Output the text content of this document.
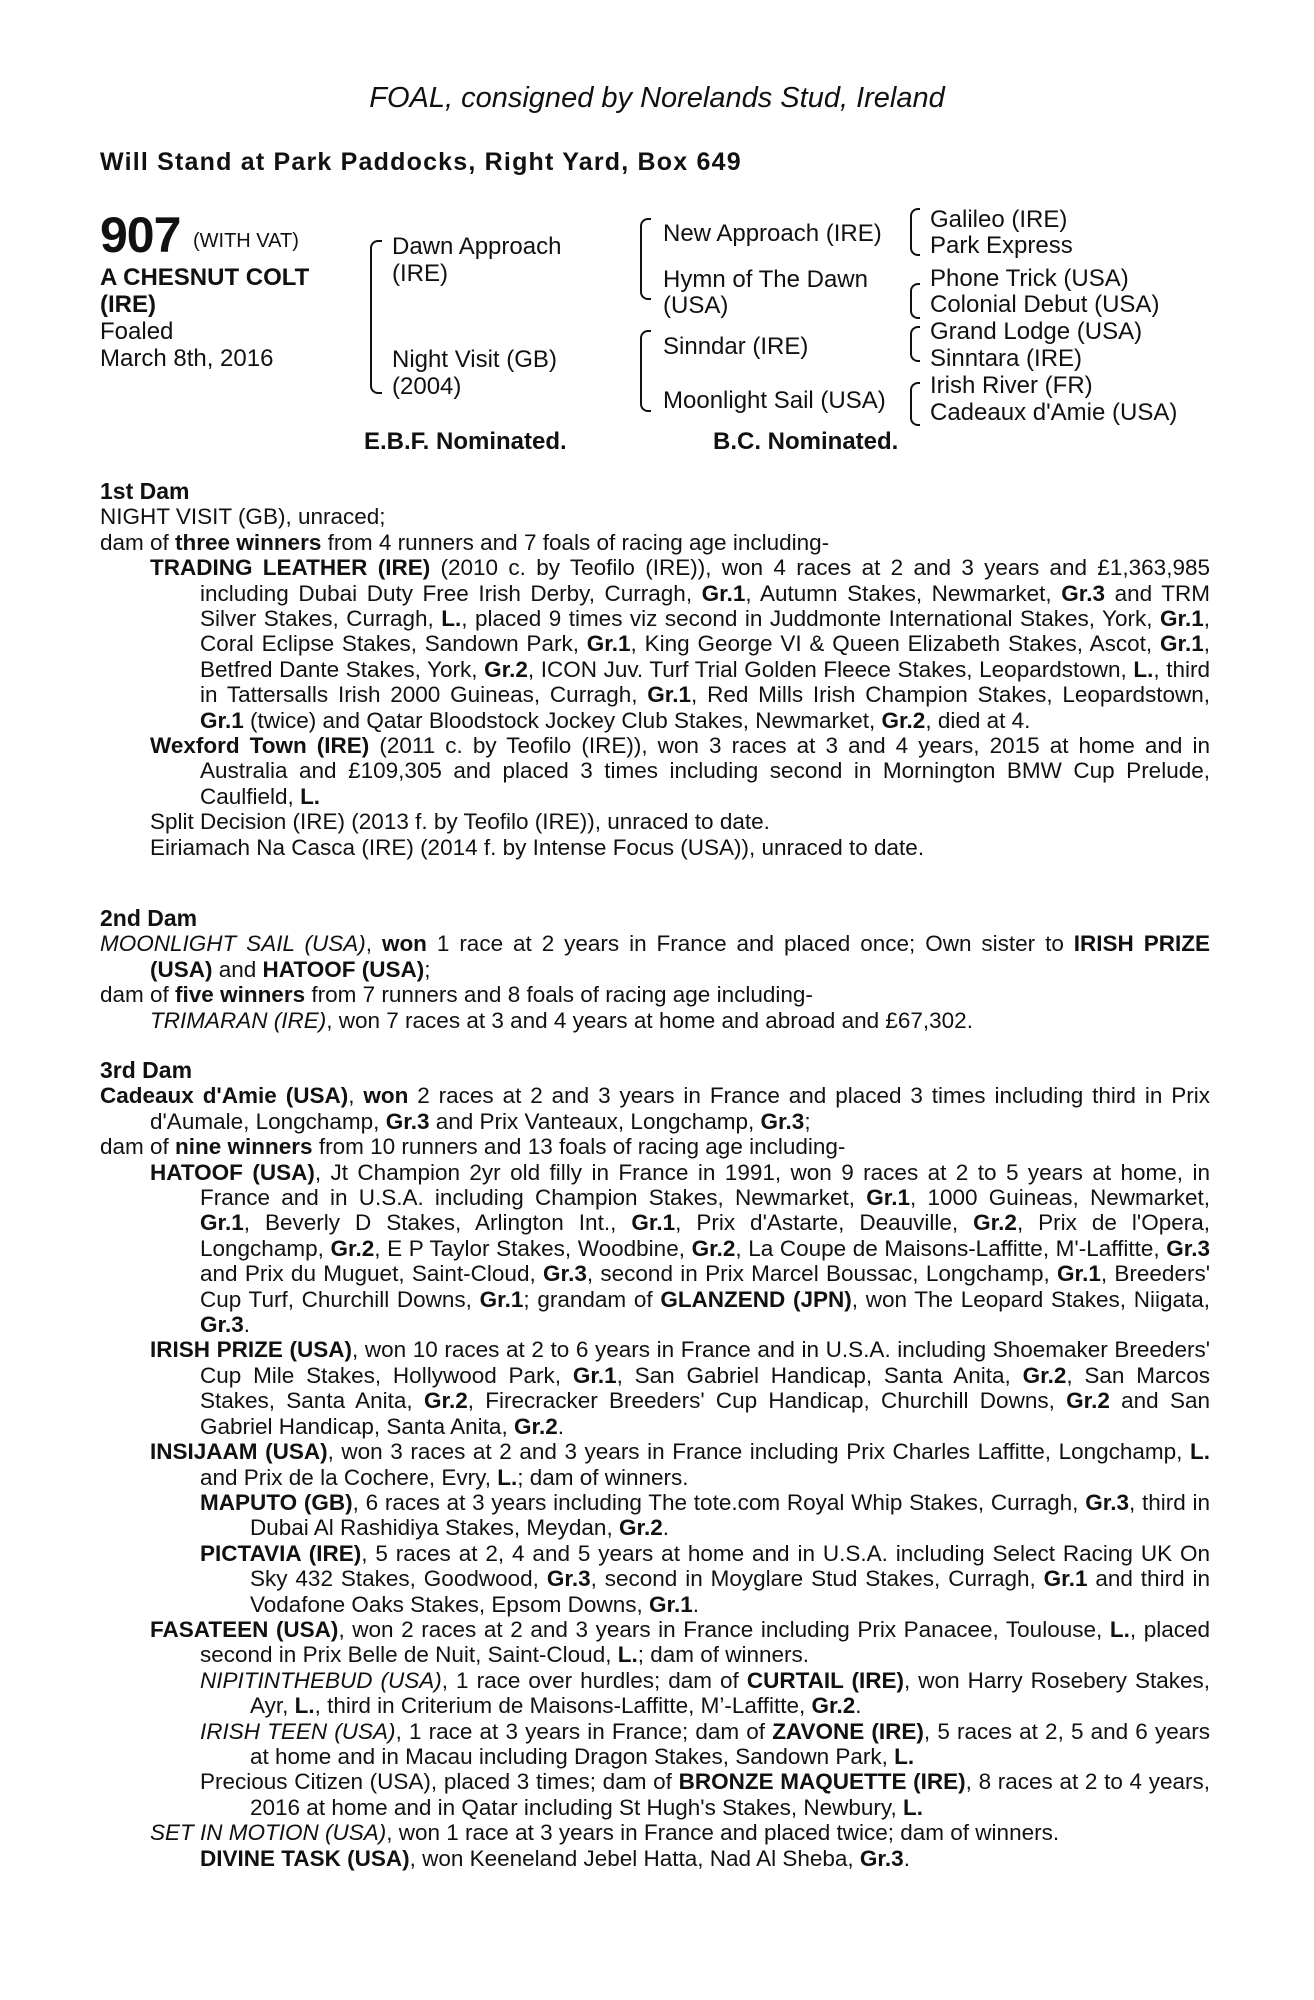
FOAL, consigned by Norelands Stud, Ireland
Will Stand at Park Paddocks, Right Yard, Box 649
907 (WITH VAT)
A CHESNUT COLT
(IRE)
Foaled
March 8th, 2016
Dawn Approach
(IRE)
Night Visit (GB)
(2004)
New Approach (IRE)
Hymn of The Dawn
(USA)
Sinndar (IRE)
Moonlight Sail (USA)
Galileo (IRE)
Park Express
Phone Trick (USA)
Colonial Debut (USA)
Grand Lodge (USA)
Sinntara (IRE)
Irish River (FR)
Cadeaux d'Amie (USA)
E.B.F. Nominated.	B.C. Nominated.

1st Dam

NIGHT VISIT (GB), unraced;

dam of three winners from 4 runners and 7 foals of racing age including-

TRADING LEATHER (IRE) (2010 c. by Teofilo (IRE)), won 4 races at 2 and 3 years and £1,363,985 including Dubai Duty Free Irish Derby, Curragh, Gr.1, Autumn Stakes, Newmarket, Gr.3 and TRM Silver Stakes, Curragh, L., placed 9 times viz second in Juddmonte International Stakes, York, Gr.1, Coral Eclipse Stakes, Sandown Park, Gr.1, King George VI & Queen Elizabeth Stakes, Ascot, Gr.1, Betfred Dante Stakes, York, Gr.2, ICON Juv. Turf Trial Golden Fleece Stakes, Leopardstown, L., third in Tattersalls Irish 2000 Guineas, Curragh, Gr.1, Red Mills Irish Champion Stakes, Leopardstown, Gr.1 (twice) and Qatar Bloodstock Jockey Club Stakes, Newmarket, Gr.2, died at 4.

Wexford Town (IRE) (2011 c. by Teofilo (IRE)), won 3 races at 3 and 4 years, 2015 at home and in Australia and £109,305 and placed 3 times including second in Mornington BMW Cup Prelude, Caulfield, L.

Split Decision (IRE) (2013 f. by Teofilo (IRE)), unraced to date.

Eiriamach Na Casca (IRE) (2014 f. by Intense Focus (USA)), unraced to date.

2nd Dam

MOONLIGHT SAIL (USA), won 1 race at 2 years in France and placed once; Own sister to IRISH PRIZE (USA) and HATOOF (USA);

dam of five winners from 7 runners and 8 foals of racing age including-

TRIMARAN (IRE), won 7 races at 3 and 4 years at home and abroad and £67,302.

3rd Dam

Cadeaux d'Amie (USA), won 2 races at 2 and 3 years in France and placed 3 times including third in Prix d'Aumale, Longchamp, Gr.3 and Prix Vanteaux, Longchamp, Gr.3;

dam of nine winners from 10 runners and 13 foals of racing age including-

HATOOF (USA), Jt Champion 2yr old filly in France in 1991, won 9 races at 2 to 5 years at home, in France and in U.S.A. including Champion Stakes, Newmarket, Gr.1, 1000 Guineas, Newmarket, Gr.1, Beverly D Stakes, Arlington Int., Gr.1, Prix d'Astarte, Deauville, Gr.2, Prix de l'Opera, Longchamp, Gr.2, E P Taylor Stakes, Woodbine, Gr.2, La Coupe de Maisons-Laffitte, M'-Laffitte, Gr.3 and Prix du Muguet, Saint-Cloud, Gr.3, second in Prix Marcel Boussac, Longchamp, Gr.1, Breeders' Cup Turf, Churchill Downs, Gr.1; grandam of GLANZEND (JPN), won The Leopard Stakes, Niigata, Gr.3.

IRISH PRIZE (USA), won 10 races at 2 to 6 years in France and in U.S.A. including Shoemaker Breeders' Cup Mile Stakes, Hollywood Park, Gr.1, San Gabriel Handicap, Santa Anita, Gr.2, San Marcos Stakes, Santa Anita, Gr.2, Firecracker Breeders' Cup Handicap, Churchill Downs, Gr.2 and San Gabriel Handicap, Santa Anita, Gr.2.

INSIJAAM (USA), won 3 races at 2 and 3 years in France including Prix Charles Laffitte, Longchamp, L. and Prix de la Cochere, Evry, L.; dam of winners.

MAPUTO (GB), 6 races at 3 years including The tote.com Royal Whip Stakes, Curragh, Gr.3, third in Dubai Al Rashidiya Stakes, Meydan, Gr.2.

PICTAVIA (IRE), 5 races at 2, 4 and 5 years at home and in U.S.A. including Select Racing UK On Sky 432 Stakes, Goodwood, Gr.3, second in Moyglare Stud Stakes, Curragh, Gr.1 and third in Vodafone Oaks Stakes, Epsom Downs, Gr.1.

FASATEEN (USA), won 2 races at 2 and 3 years in France including Prix Panacee, Toulouse, L., placed second in Prix Belle de Nuit, Saint-Cloud, L.; dam of winners.

NIPITINTHEBUD (USA), 1 race over hurdles; dam of CURTAIL (IRE), won Harry Rosebery Stakes, Ayr, L., third in Criterium de Maisons-Laffitte, M’-Laffitte, Gr.2.

IRISH TEEN (USA), 1 race at 3 years in France; dam of ZAVONE (IRE), 5 races at 2, 5 and 6 years at home and in Macau including Dragon Stakes, Sandown Park, L.

Precious Citizen (USA), placed 3 times; dam of BRONZE MAQUETTE (IRE), 8 races at 2 to 4 years, 2016 at home and in Qatar including St Hugh's Stakes, Newbury, L.

SET IN MOTION (USA), won 1 race at 3 years in France and placed twice; dam of winners.

DIVINE TASK (USA), won Keeneland Jebel Hatta, Nad Al Sheba, Gr.3.
